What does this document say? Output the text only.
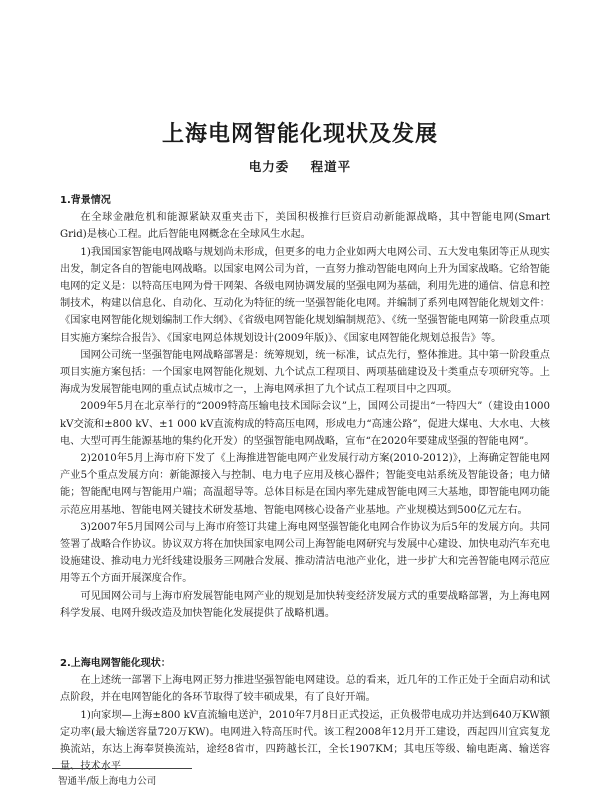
上海电网智能化现状及发展
电力委 程道平
1.背景情况

在全球金融危机和能源紧缺双重夹击下，美国积极推行巨资启动新能源战略，其中智能电网(Smart Grid)是核心工程。此后智能电网概念在全球风生水起。

1)我国国家智能电网战略与规划尚未形成，但更多的电力企业如两大电网公司、五大发电集团等正从现实出发，制定各自的智能电网战略。以国家电网公司为首，一直努力推动智能电网向上升为国家战略。它给智能电网的定义是：以特高压电网为骨干网架、各级电网协调发展的坚强电网为基础，利用先进的通信、信息和控制技术，构建以信息化、自动化、互动化为特征的统一坚强智能化电网。并编制了系列电网智能化规划文件：《国家电网智能化规划编制工作大纲》、《省级电网智能化规划编制规范》、《统一坚强智能电网第一阶段重点项目实施方案综合报告》、《国家电网总体规划设计(2009年版)》、《国家电网智能化规划总报告》等。

国网公司统一坚强智能电网战略部署是：统筹规划，统一标准，试点先行，整体推进。其中第一阶段重点项目实施方案包括：一个国家电网智能化规划、九个试点工程项目、两项基础建设及十类重点专项研究等。上海成为发展智能电网的重点试点城市之一，上海电网承担了九个试点工程项目中之四项。

2009年5月在北京举行的“2009特高压输电技术国际会议”上，国网公司提出“一特四大”（建设由1000 kV交流和±800 kV、±1 000 kV直流构成的特高压电网，形成电力“高速公路”，促进大煤电、大水电、大核电、大型可再生能源基地的集约化开发）的坚强智能电网战略，宣布“在2020年要建成坚强的智能电网”。

2)2010年5月上海市府下发了《上海推进智能电网产业发展行动方案(2010-2012)》，上海确定智能电网产业5个重点发展方向：新能源接入与控制、电力电子应用及核心器件；智能变电站系统及智能设备；电力储能；智能配电网与智能用户端；高温超导等。总体目标是在国内率先建成智能电网三大基地，即智能电网功能示范应用基地、智能电网关键技术研发基地、智能电网核心设备产业基地。产业规模达到500亿元左右。

3)2007年5月国网公司与上海市府签订共建上海电网坚强智能化电网合作协议为后5年的发展方向。共同签署了战略合作协议。协议双方将在加快国家电网公司上海智能电网研究与发展中心建设、加快电动汽车充电设施建设、推动电力光纤线建设服务三网融合发展、推动清洁电池产业化，进一步扩大和完善智能电网示范应用等五个方面开展深度合作。

可见国网公司与上海市府发展智能电网产业的规划是加快转变经济发展方式的重要战略部署，为上海电网科学发展、电网升级改造及加快智能化发展提供了战略机遇。

2.上海电网智能化现状：

在上述统一部署下上海电网正努力推进坚强智能电网建设。总的看来，近几年的工作正处于全面启动和试点阶段，并在电网智能化的各环节取得了较丰硕成果，有了良好开端。

1)向家坝—上海±800 kV直流输电送沪，2010年7月8日正式投运，正负极带电成功并达到640万KW额定功率(最大输送容量720万KW)。电网进入特高压时代。该工程2008年12月开工建设，西起四川宜宾复龙换流站，东达上海奉贤换流站，途经8省市，四跨越长江，全长1907KM；其电压等级、输电距离、输送容量、技术水平

智通半/版上海电力公司
